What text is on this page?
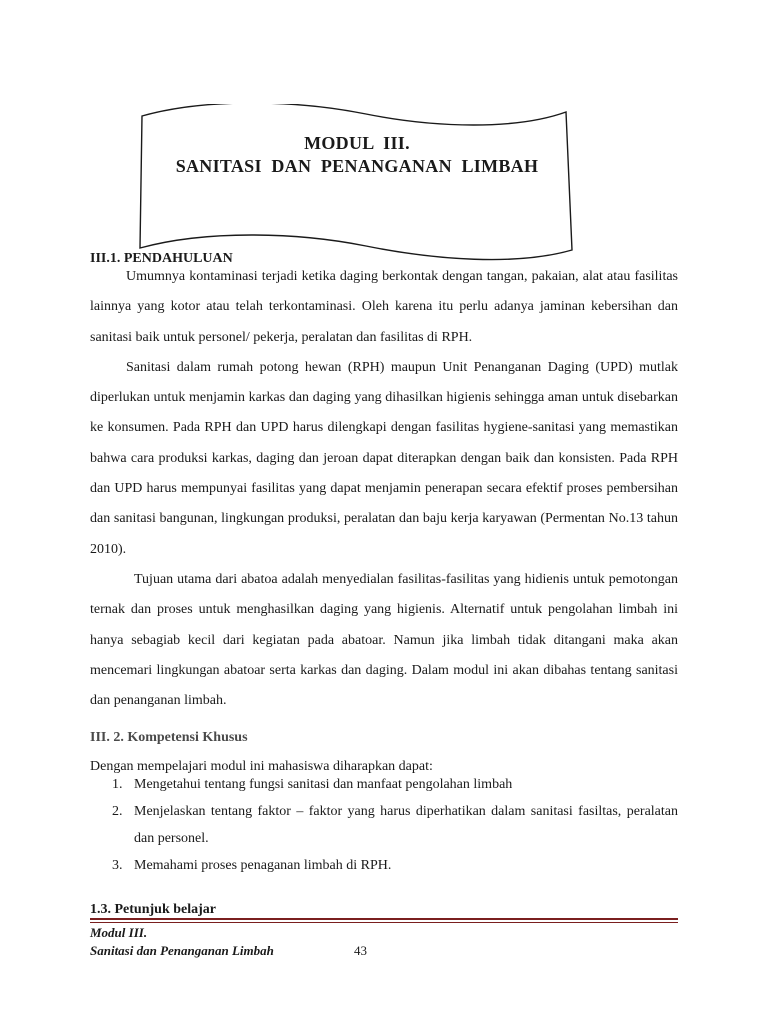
MODUL  III.
SANITASI  DAN  PENANGANAN  LIMBAH

III.1. PENDAHULUAN

Umumnya kontaminasi terjadi ketika daging berkontak dengan tangan, pakaian, alat atau fasilitas lainnya yang kotor atau telah terkontaminasi. Oleh karena itu perlu adanya jaminan kebersihan dan sanitasi baik untuk personel/ pekerja, peralatan dan fasilitas di RPH.

Sanitasi dalam rumah potong hewan (RPH) maupun Unit Penanganan Daging (UPD) mutlak diperlukan untuk menjamin karkas dan daging yang dihasilkan higienis sehingga aman untuk disebarkan ke konsumen. Pada RPH dan UPD harus dilengkapi dengan fasilitas hygiene-sanitasi yang memastikan bahwa cara produksi karkas, daging dan jeroan dapat diterapkan dengan baik dan konsisten. Pada RPH dan UPD harus mempunyai fasilitas yang dapat menjamin penerapan secara efektif proses pembersihan dan sanitasi bangunan, lingkungan produksi, peralatan dan baju kerja karyawan (Permentan No.13 tahun 2010).

Tujuan utama dari abatoa adalah menyedialan fasilitas-fasilitas yang hidienis untuk pemotongan ternak dan proses untuk menghasilkan daging yang higienis. Alternatif untuk pengolahan limbah ini hanya sebagiab kecil dari kegiatan pada abatoar. Namun jika limbah tidak ditangani maka akan mencemari lingkungan abatoar serta karkas dan daging. Dalam modul ini akan dibahas tentang sanitasi dan penanganan limbah.

III. 2. Kompetensi Khusus

Dengan mempelajari modul ini mahasiswa diharapkan dapat:

1. Mengetahui tentang fungsi sanitasi dan manfaat pengolahan limbah
2. Menjelaskan tentang faktor – faktor yang harus diperhatikan dalam sanitasi fasiltas, peralatan dan personel.
3. Memahami proses penaganan limbah di RPH.

1.3. Petunjuk belajar

Modul III.
Sanitasi dan Penanganan Limbah	43
